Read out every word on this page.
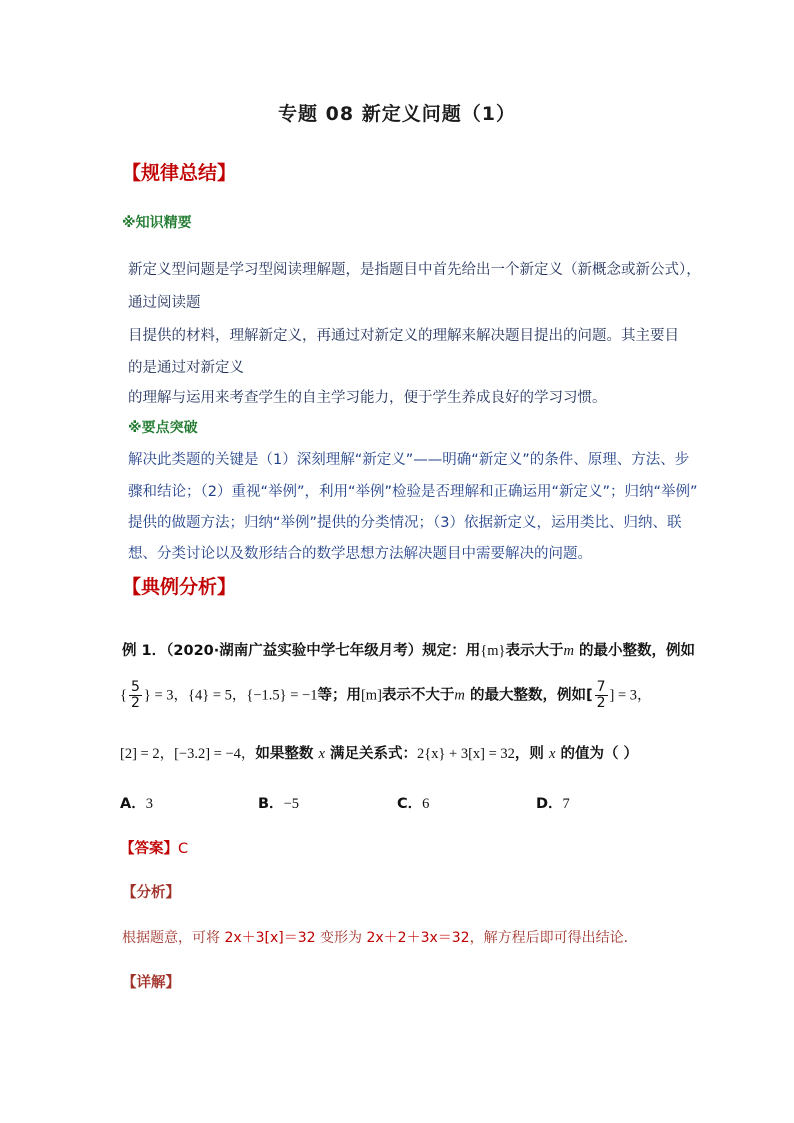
专题 08 新定义问题（1）
【规律总结】
※知识精要
新定义型问题是学习型阅读理解题，是指题目中首先给出一个新定义（新概念或新公式），
通过阅读题
目提供的材料，理解新定义，再通过对新定义的理解来解决题目提出的问题。其主要目
的是通过对新定义
的理解与运用来考查学生的自主学习能力，便于学生养成良好的学习习惯。
※要点突破
解决此类题的关键是（1）深刻理解“新定义”——明确“新定义”的条件、原理、方法、步
骤和结论；（2）重视“举例”，利用“举例”检验是否理解和正确运用“新定义”；归纳“举例”
提供的做题方法；归纳“举例”提供的分类情况；（3）依据新定义，运用类比、归纳、联
想、分类讨论以及数形结合的数学思想方法解决题目中需要解决的问题。
【典例分析】
例 1．（2020·湖南广益实验中学七年级月考）规定：用{m}表示大于m 的最小整数，例如
{ $\frac{5}{2}$ } = 3，{4} = 5，{−1.5} = −1等；用[m]表示不大于m 的最大整数，例如[ $\frac{7}{2}$ ] = 3，
[2] = 2，[−3.2] = −4，如果整数 x 满足关系式：2{x} + 3[x] = 32，则 x 的值为（ ）
A．3	B．−5	C．6	D．7
【答案】C
【分析】
根据题意，可将 2x＋3[x]＝32 变形为 2x＋2＋3x＝32，解方程后即可得出结论．
【详解】
